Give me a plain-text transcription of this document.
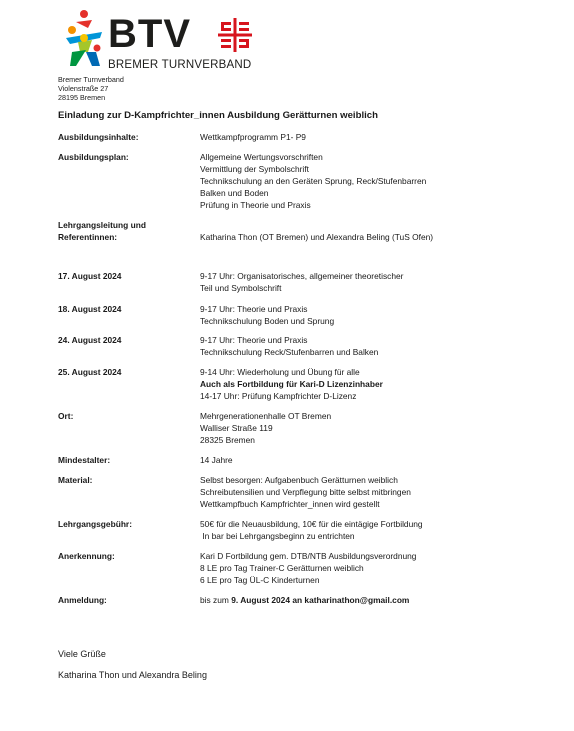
BTV
BREMER TURNVERBAND
Bremer Turnverband
Violenstraße 27
28195 Bremen
Einladung zur D-Kampfrichter_innen Ausbildung Gerätturnen weiblich
Ausbildungsinhalte:	Wettkampfprogramm P1- P9
Ausbildungsplan:	Allgemeine Wertungsvorschriften
Vermittlung der Symbolschrift
Technikschulung an den Geräten Sprung, Reck/Stufenbarren
Balken und Boden
Prüfung in Theorie und Praxis
Lehrgangsleitung und
Referentinnen:	Katharina Thon (OT Bremen) und Alexandra Beling (TuS Ofen)
17. August 2024	9-17 Uhr: Organisatorisches, allgemeiner theoretischer
Teil und Symbolschrift
18. August 2024	9-17 Uhr: Theorie und Praxis
Technikschulung Boden und Sprung
24. August 2024	9-17 Uhr: Theorie und Praxis
Technikschulung Reck/Stufenbarren und Balken
25. August 2024	9-14 Uhr: Wiederholung und Übung für alle
Auch als Fortbildung für Kari-D Lizenzinhaber
14-17 Uhr: Prüfung Kampfrichter D-Lizenz
Ort:	Mehrgenerationenhalle OT Bremen
Walliser Straße 119
28325 Bremen
Mindestalter:	14 Jahre
Material:	Selbst besorgen: Aufgabenbuch Gerätturnen weiblich
Schreibutensilien und Verpflegung bitte selbst mitbringen
Wettkampfbuch Kampfrichter_innen wird gestellt
Lehrgangsgebühr:	50€ für die Neuausbildung, 10€ für die eintägige Fortbildung
In bar bei Lehrgangsbeginn zu entrichten
Anerkennung:	Kari D Fortbildung gem. DTB/NTB Ausbildungsverordnung
8 LE pro Tag Trainer-C Gerätturnen weiblich
6 LE pro Tag ÜL-C Kinderturnen
Anmeldung:	bis zum 9. August 2024 an katharinathon@gmail.com
Viele Grüße
Katharina Thon und Alexandra Beling
